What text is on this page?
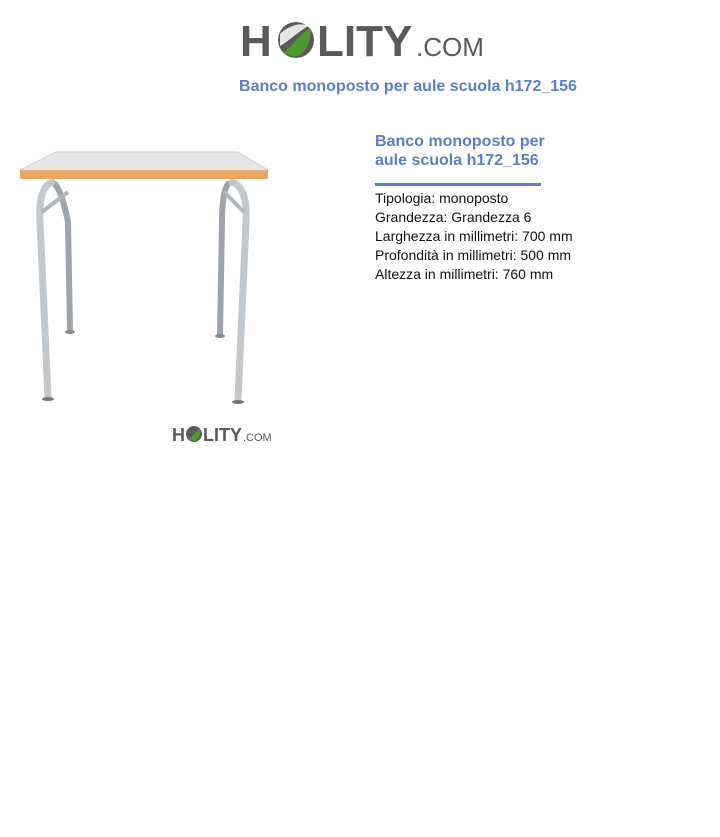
H LITY .COM
Banco monoposto per aule scuola h172_156
H LITY .COM
Banco monoposto per aule scuola h172_156

Tipologia: monoposto

Grandezza: Grandezza 6

Larghezza in millimetri: 700 mm

Profondità in millimetri: 500 mm

Altezza in millimetri: 760 mm
